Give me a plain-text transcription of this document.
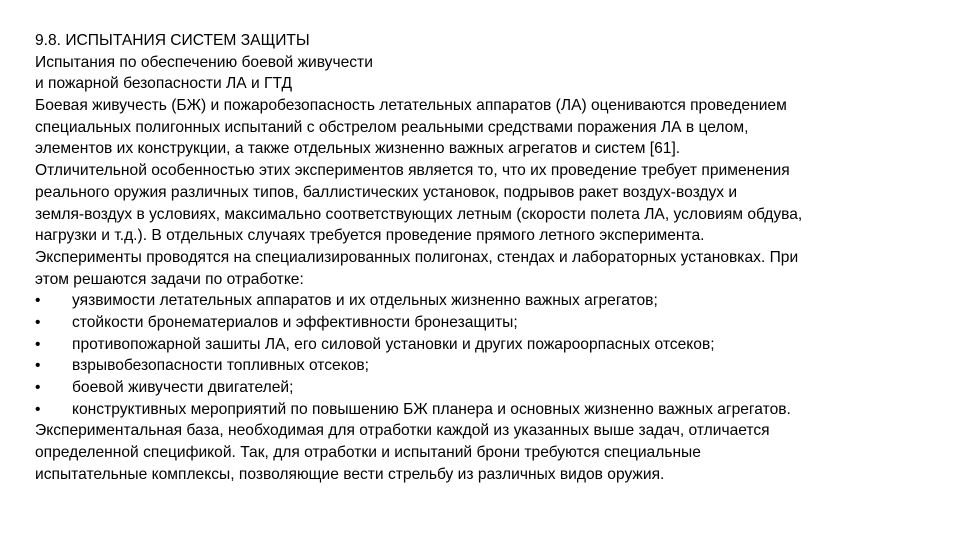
9.8. ИСПЫТАНИЯ СИСТЕМ ЗАЩИТЫ
Испытания по обеспечению боевой живучести
и пожарной безопасности ЛА и ГТД
Боевая живучесть (БЖ) и пожаробезопасность летательных аппаратов (ЛА) оцениваются проведением
специальных полигонных испытаний с обстрелом реальными средствами поражения ЛА в целом,
элементов их конструкции, а также отдельных жизненно важных агрегатов и систем [61].
Отличительной особенностью этих экспериментов является то, что их проведение требует применения
реального оружия различных типов, баллистических установок, подрывов ракет воздух-воздух и
земля-воздух в условиях, максимально соответствующих летным (скорости полета ЛА, условиям обдува,
нагрузки и т.д.). В отдельных случаях требуется проведение прямого летного эксперимента.
Эксперименты проводятся на специализированных полигонах, стендах и лабораторных установках. При
этом решаются задачи по отработке:
•	уязвимости летательных аппаратов и их отдельных жизненно важных агрегатов;
•	стойкости бронематериалов и эффективности бронезащиты;
•	противопожарной зашиты ЛА, его силовой установки и других пожароорпасных отсеков;
•	взрывобезопасности топливных отсеков;
•	боевой живучести двигателей;
•	конструктивных мероприятий по повышению БЖ планера и основных жизненно важных агрегатов.
Экспериментальная база, необходимая для отработки каждой из указанных выше задач, отличается
определенной спецификой. Так, для отработки и испытаний брони требуются специальные
испытательные комплексы, позволяющие вести стрельбу из различных видов оружия.
